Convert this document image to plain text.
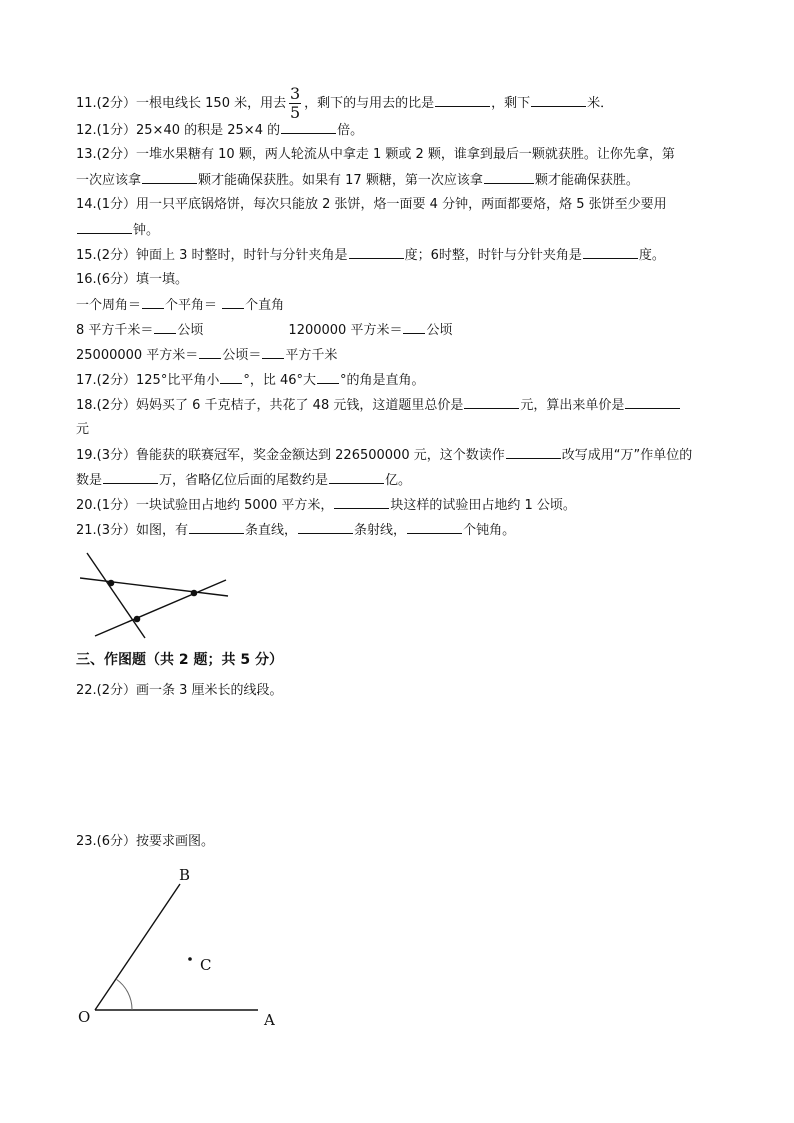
11.(2分）一根电线长 150 米，用去 $\frac{3}{5}$ ，剩下的与用去的比是	，剩下	米．
12.(1分）25×40 的积是 25×4 的	倍。
13.(2分）一堆水果糖有 10 颗，两人轮流从中拿走 1 颗或 2 颗，谁拿到最后一颗就获胜。让你先拿，第
一次应该拿	颗才能确保获胜。如果有 17 颗糖，第一次应该拿	颗才能确保获胜。
14.(1分）用一只平底锅烙饼，每次只能放 2 张饼，烙一面要 4 分钟，两面都要烙，烙 5 张饼至少要用
钟。
15.(2分）钟面上 3 时整时，时针与分针夹角是	度；6时整，时针与分针夹角是	度。
16.(6分）填一填。
一个周角＝ 个平角＝ 个直角
8 平方千米＝ 公顷	1200000 平方米＝ 公顷
25000000 平方米＝ 公顷＝ 平方千米
17.(2分）125°比平角小 °，比 46°大 °的角是直角。
18.(2分）妈妈买了 6 千克桔子，共花了 48 元钱，这道题里总价是	元，算出来单价是
元
19.(3分）鲁能获的联赛冠军，奖金金额达到 226500000 元，这个数读作	改写成用“万”作单位的
数是	万，省略亿位后面的尾数约是	亿。
20.(1分）一块试验田占地约 5000 平方米，	块这样的试验田占地约 1 公顷。
21.(3分）如图，有	条直线，	条射线，	个钝角。
三、作图题（共 2 题；共 5 分）
22.(2分）画一条 3 厘米长的线段。
23.(6分）按要求画图。
B
C
O	A
